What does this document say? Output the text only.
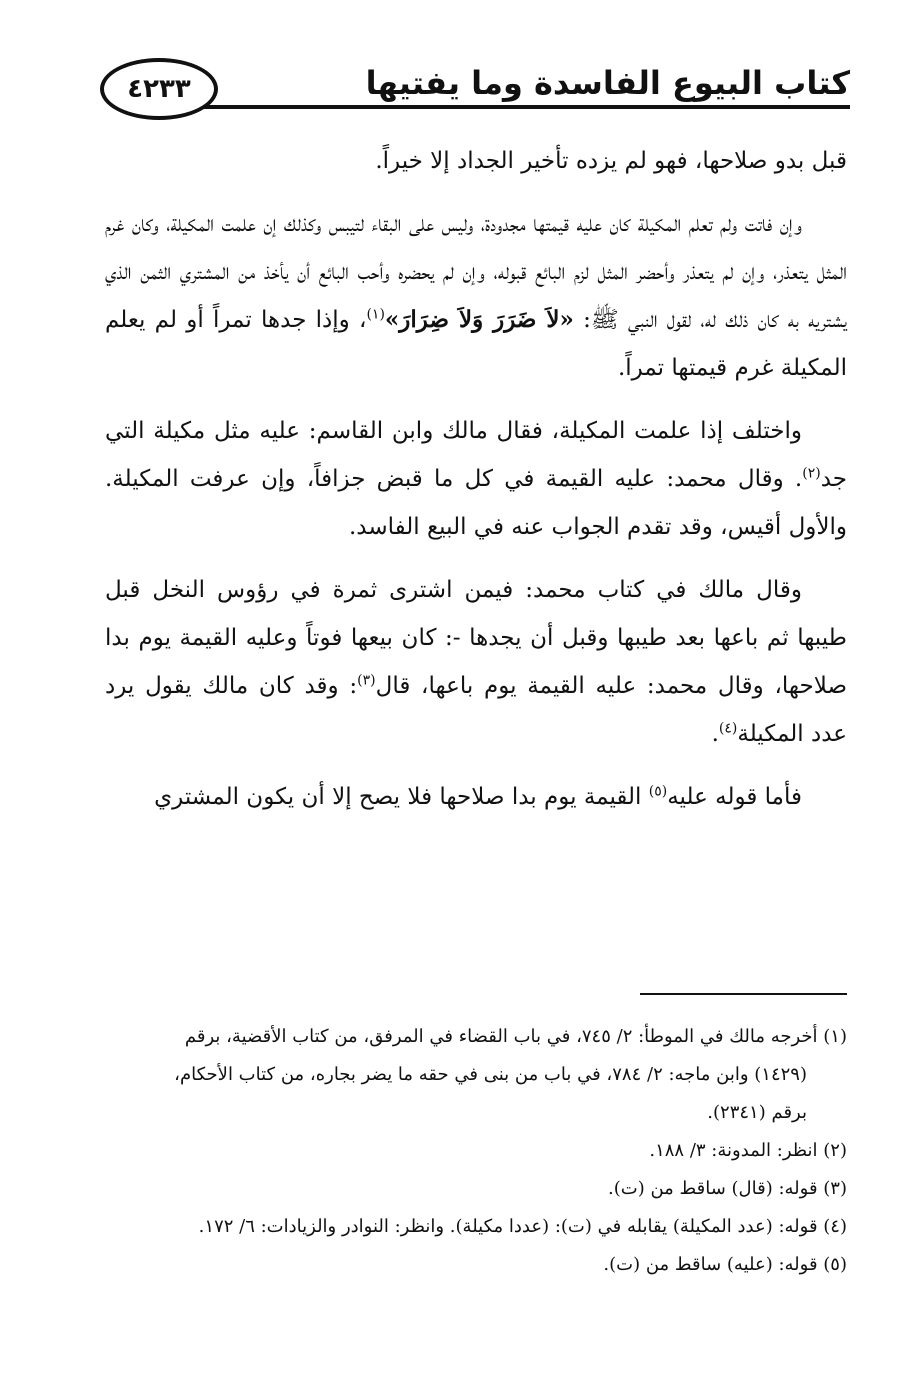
كتاب البيوع الفاسدة وما يفتيها
٤٢٣٣

قبل بدو صلاحها، فهو لم يزده تأخير الجداد إلا خيراً.

وإن فاتت ولم تعلم المكيلة كان عليه قيمتها مجدودة، وليس على البقاء لتيبس وكذلك إن علمت المكيلة، وكان غرم المثل يتعذر، وإن لم يتعذر وأحضر المثل لزم البائع قبوله، وإن لم يحضره وأحب البائع أن يأخذ من المشتري الثمن الذي يشتريه به كان ذلك له، لقول النبي ﷺ: «لاَ ضَرَرَ وَلاَ ضِرَارَ»$^{(١)}$، وإذا جدها تمراً أو لم يعلم المكيلة غرم قيمتها تمراً.

واختلف إذا علمت المكيلة، فقال مالك وابن القاسم: عليه مثل مكيلة التي جد$^{(٢)}$. وقال محمد: عليه القيمة في كل ما قبض جزافاً، وإن عرفت المكيلة. والأول أقيس، وقد تقدم الجواب عنه في البيع الفاسد.

وقال مالك في كتاب محمد: فيمن اشترى ثمرة في رؤوس النخل قبل طيبها ثم باعها بعد طيبها وقبل أن يجدها -: كان بيعها فوتاً وعليه القيمة يوم بدا صلاحها، وقال محمد: عليه القيمة يوم باعها، قال$^{(٣)}$: وقد كان مالك يقول يرد عدد المكيلة$^{(٤)}$.

فأما قوله عليه$^{(٥)}$ القيمة يوم بدا صلاحها فلا يصح إلا أن يكون المشتري

(١) أخرجه مالك في الموطأ: ٢/ ٧٤٥، في باب القضاء في المرفق، من كتاب الأقضية، برقم

(١٤٢٩) وابن ماجه: ٢/ ٧٨٤، في باب من بنى في حقه ما يضر بجاره، من كتاب الأحكام،

برقم (٢٣٤١).

(٢) انظر: المدونة: ٣/ ١٨٨.

(٣) قوله: (قال) ساقط من (ت).

(٤) قوله: (عدد المكيلة) يقابله في (ت): (عددا مكيلة). وانظر: النوادر والزيادات: ٦/ ١٧٢.

(٥) قوله: (عليه) ساقط من (ت).
